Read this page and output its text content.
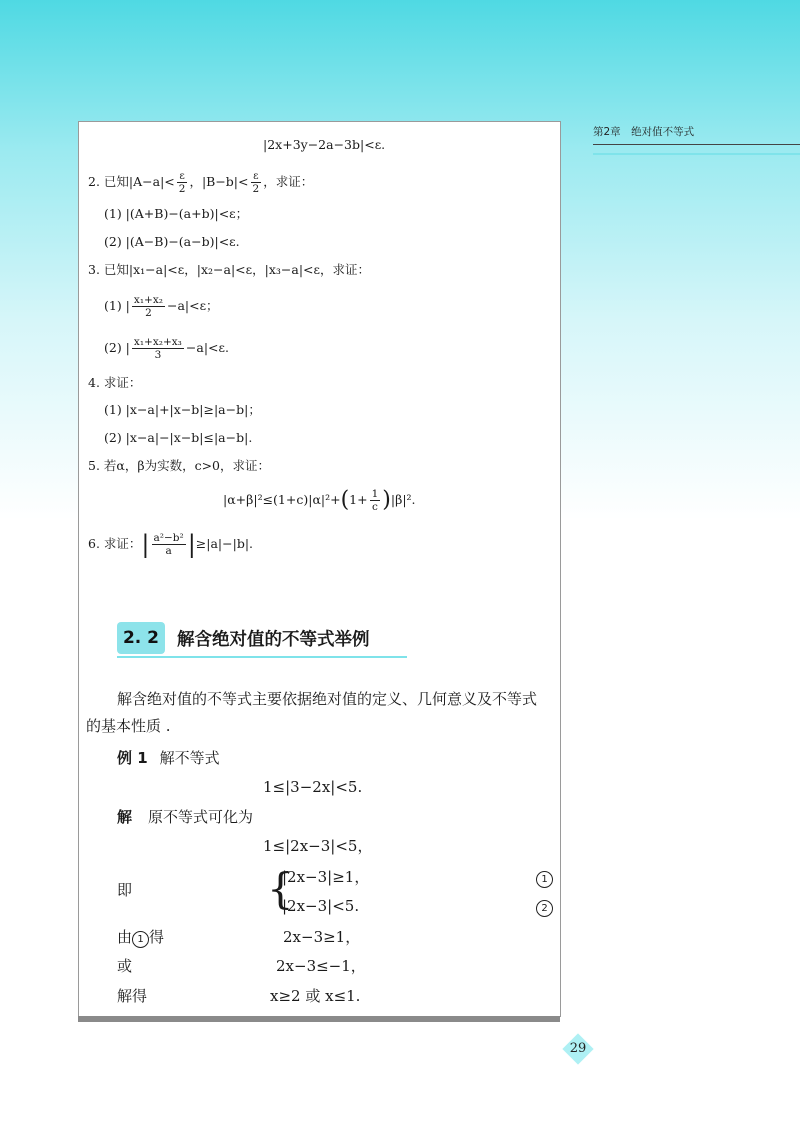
第2章　绝对值不等式
|2x+3y−2a−3b|<ε.
2. 已知$|A-a|< \frac{\varepsilon}{2}$ ，$|B-b|< \frac{\varepsilon}{2}$ ，求证：
(1) |(A+B)−(a+b)|<ε；
(2) |(A−B)−(a−b)|<ε.
3. 已知|x₁−a|<ε，|x₂−a|<ε，|x₃−a|<ε，求证：
(1) | $\frac{\text{x₁+x₂}}{2} -a|<\varepsilon$；
(2) | $\frac{\text{x₁+x₂+x₃}}{3} -a|<\varepsilon$.
4. 求证：
(1) |x−a|+|x−b|≥|a−b|；
(2) |x−a|−|x−b|≤|a−b|.
5. 若α，β为实数，c>0，求证：
$|\alpha+\beta|^2\le(1+c)|\alpha|^2+(1+ \frac{1}{c} )|\beta|^2$.
6. 求证：| $\frac{\text{a²−b²}}{a} |\ge|a|-|b|$.
2. 2	解含绝对值的不等式举例
解含绝对值的不等式主要依据绝对值的定义、几何意义及不等式
的基本性质 .
例 1 解不等式
1≤|3−2x|<5.
解 原不等式可化为
1≤|2x−3|<5，
即	{
|2x−3|≥1，
|2x−3|<5.
1
2
由 1 得	2x−3≥1，
或	2x−3≤−1，
解得	x≥2 或 x≤1.
29
